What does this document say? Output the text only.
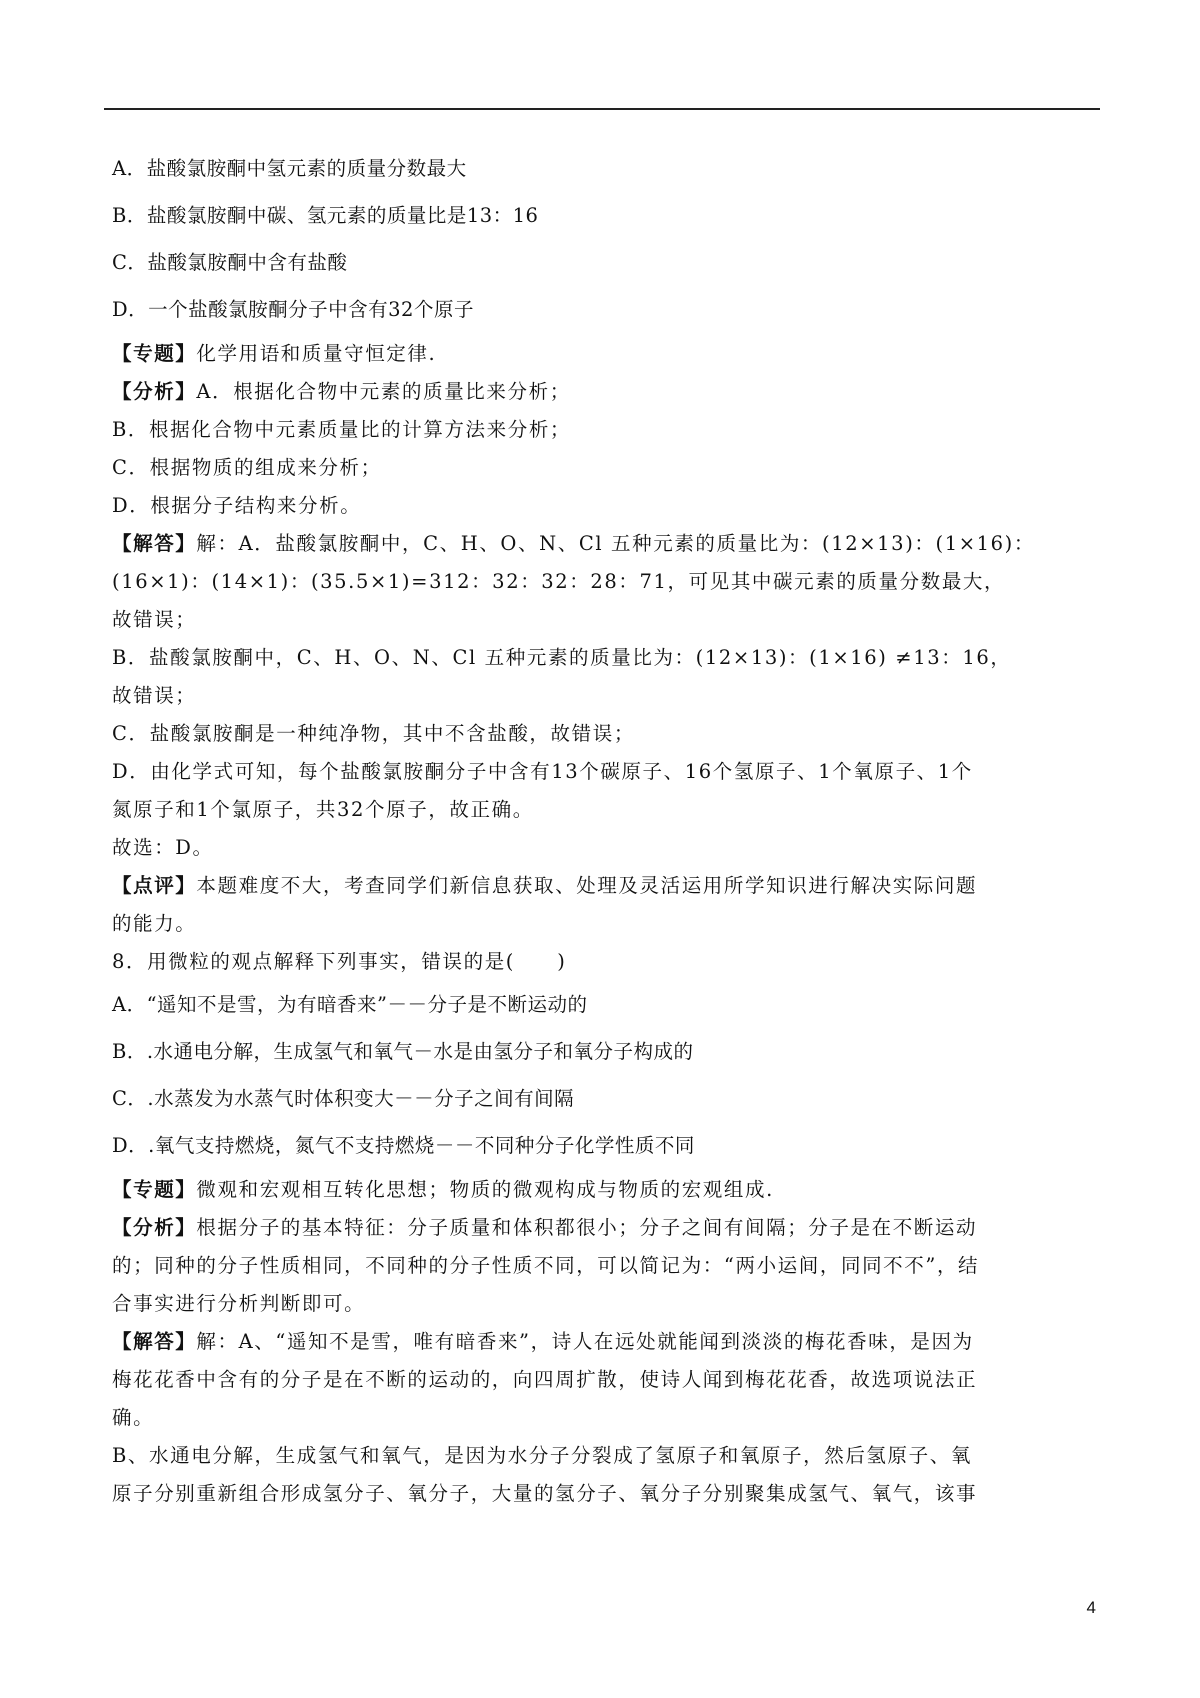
A．盐酸氯胺酮中氢元素的质量分数最大
B．盐酸氯胺酮中碳、氢元素的质量比是13：16
C．盐酸氯胺酮中含有盐酸
D．一个盐酸氯胺酮分子中含有32个原子
【专题】化学用语和质量守恒定律.
【分析】A．根据化合物中元素的质量比来分析；
B．根据化合物中元素质量比的计算方法来分析；
C．根据物质的组成来分析；
D．根据分子结构来分析。
【解答】解：A．盐酸氯胺酮中，C、H、O、N、Cl 五种元素的质量比为：(12×13)：(1×16)：
(16×1)：(14×1)：(35.5×1)=312：32：32：28：71，可见其中碳元素的质量分数最大，
故错误；
B．盐酸氯胺酮中，C、H、O、N、Cl 五种元素的质量比为：(12×13)：(1×16) ≠13：16，
故错误；
C．盐酸氯胺酮是一种纯净物，其中不含盐酸，故错误；
D．由化学式可知，每个盐酸氯胺酮分子中含有13个碳原子、16个氢原子、1个氧原子、1个
氮原子和1个氯原子，共32个原子，故正确。
故选：D。
【点评】本题难度不大，考查同学们新信息获取、处理及灵活运用所学知识进行解决实际问题
的能力。
8．用微粒的观点解释下列事实，错误的是(　　)
A．“遥知不是雪，为有暗香来”－－分子是不断运动的
B．.水通电分解，生成氢气和氧气－水是由氢分子和氧分子构成的
C．.水蒸发为水蒸气时体积变大－－分子之间有间隔
D．.氧气支持燃烧，氮气不支持燃烧－－不同种分子化学性质不同
【专题】微观和宏观相互转化思想；物质的微观构成与物质的宏观组成.
【分析】根据分子的基本特征：分子质量和体积都很小；分子之间有间隔；分子是在不断运动
的；同种的分子性质相同，不同种的分子性质不同，可以简记为：“两小运间，同同不不”，结
合事实进行分析判断即可。
【解答】解：A、“遥知不是雪，唯有暗香来”，诗人在远处就能闻到淡淡的梅花香味，是因为
梅花花香中含有的分子是在不断的运动的，向四周扩散，使诗人闻到梅花花香，故选项说法正
确。
B、水通电分解，生成氢气和氧气，是因为水分子分裂成了氢原子和氧原子，然后氢原子、氧
原子分别重新组合形成氢分子、氧分子，大量的氢分子、氧分子分别聚集成氢气、氧气，该事
4
